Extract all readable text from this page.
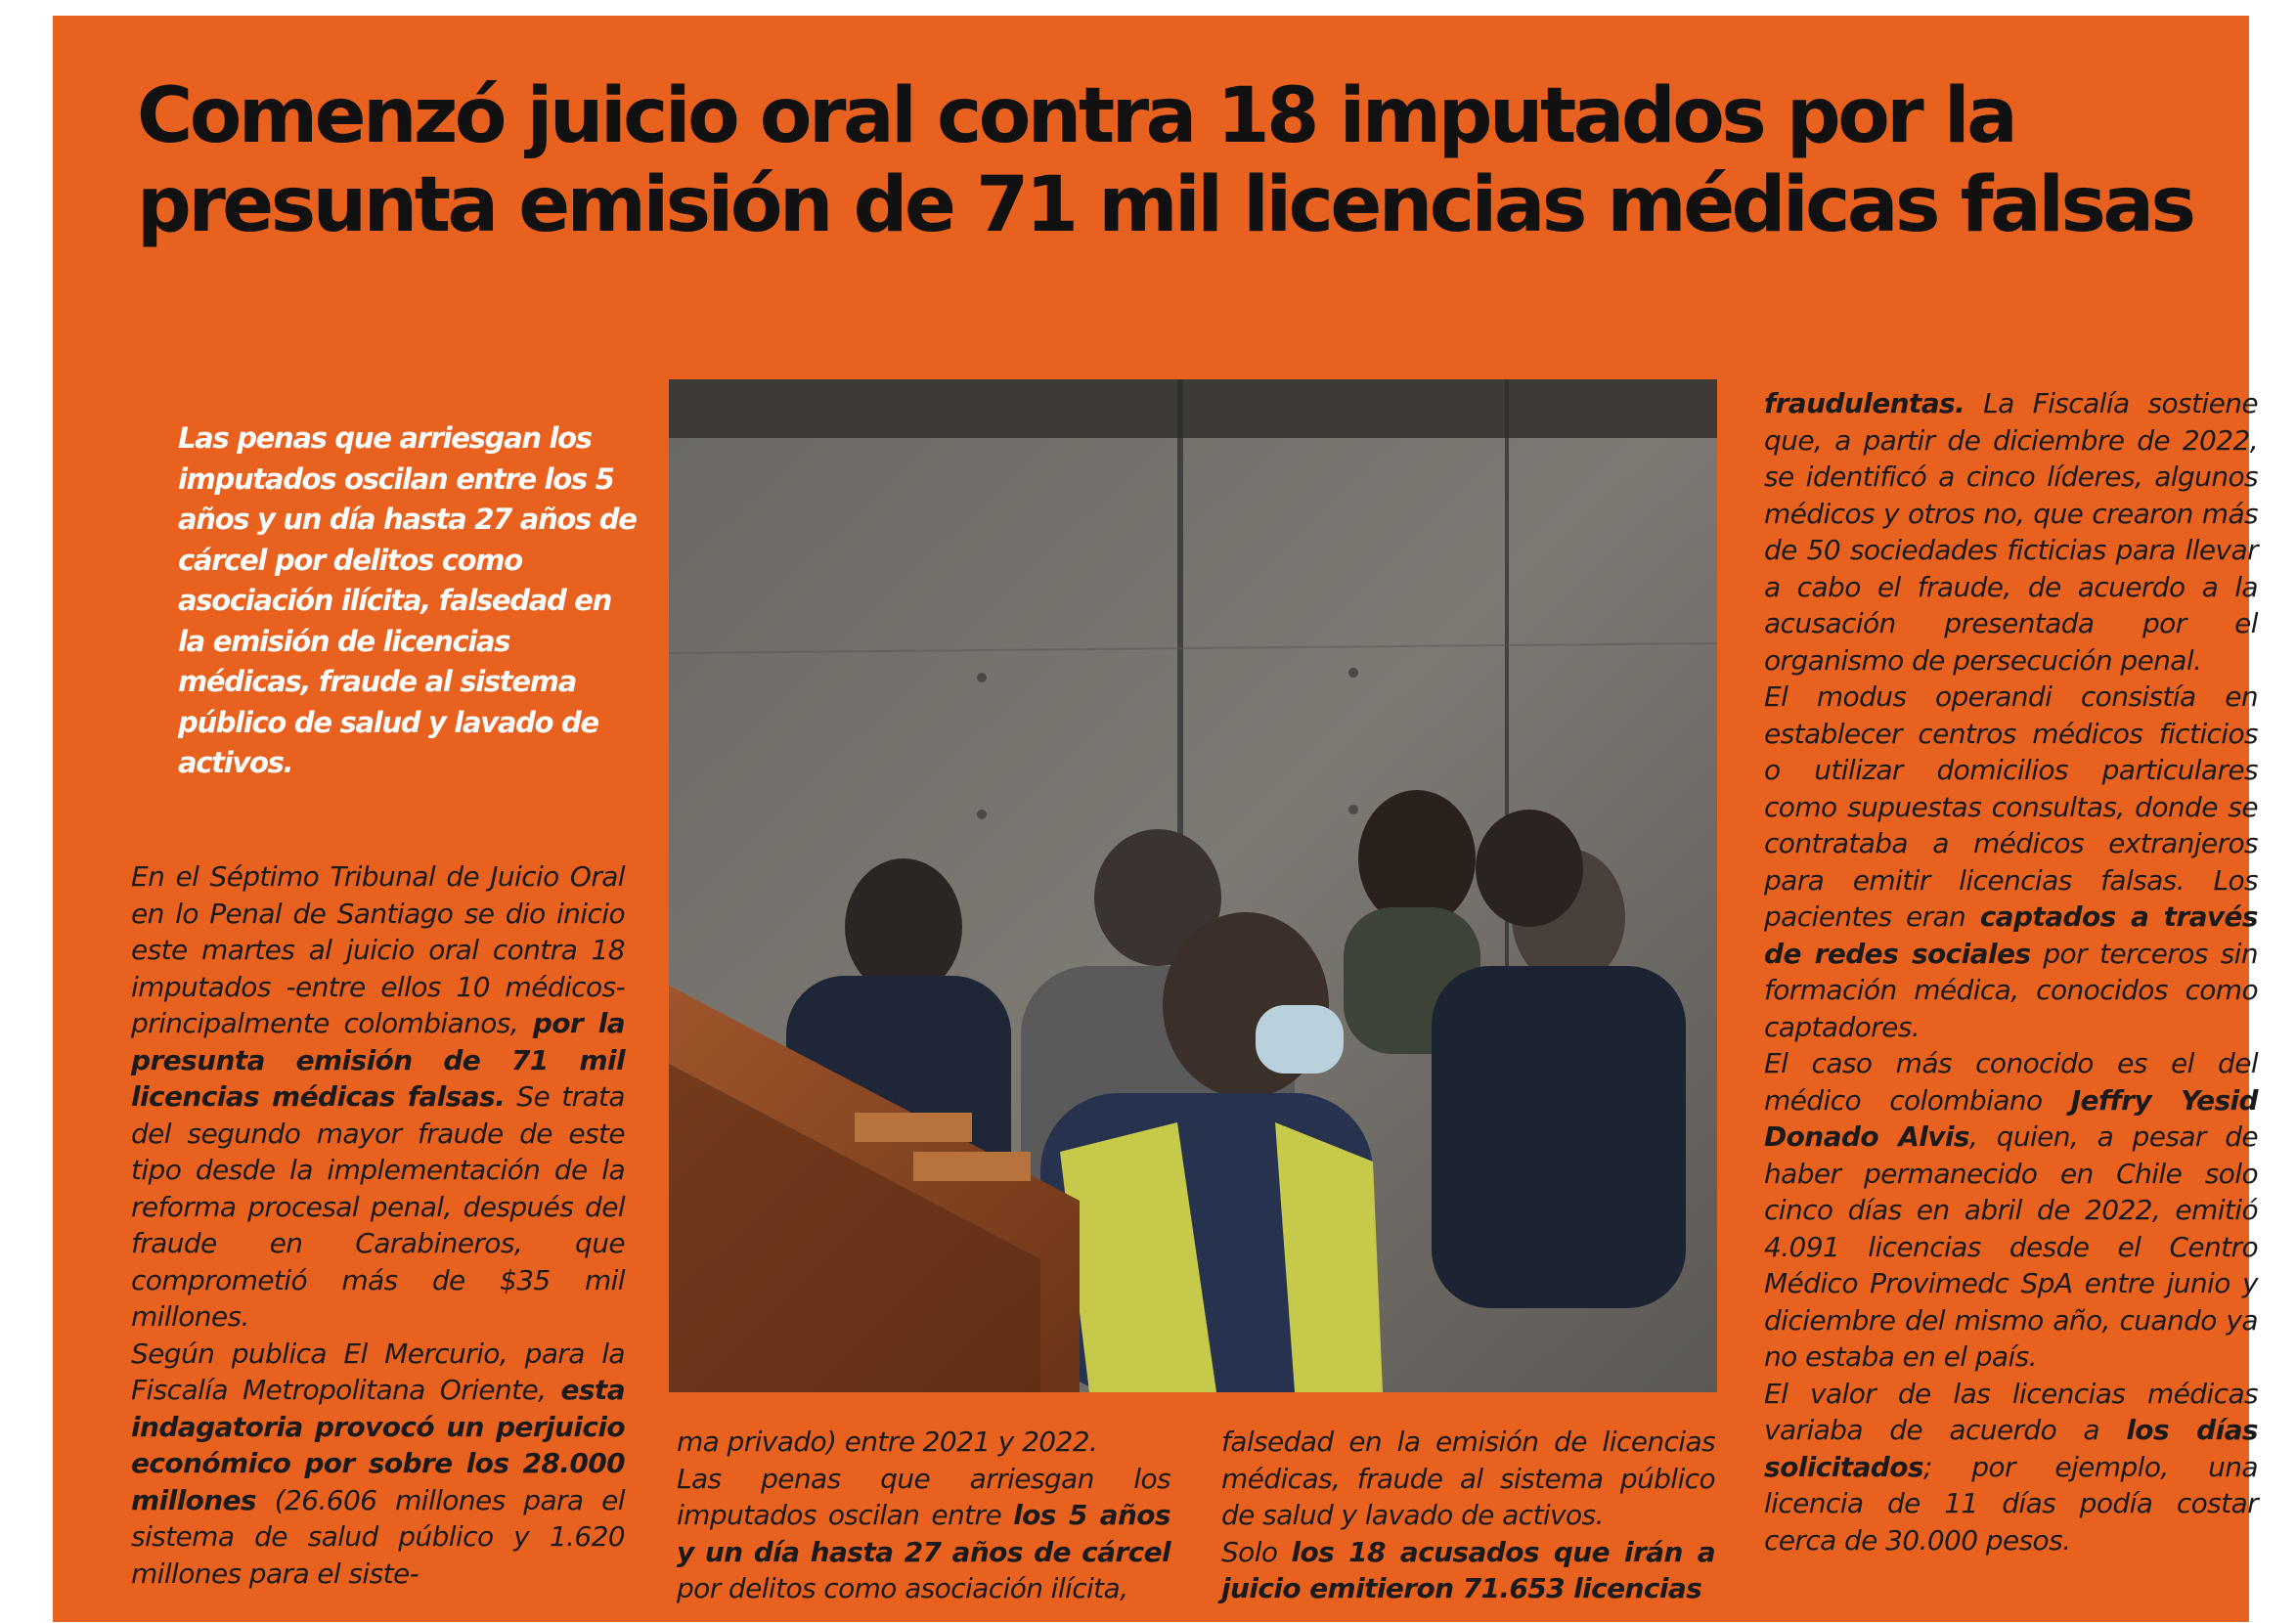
Comenzó juicio oral contra 18 imputados por la presunta emisión de 71 mil licencias médicas falsas

Las penas que arriesgan los imputados oscilan entre los 5 años y un día hasta 27 años de cárcel por delitos como asociación ilícita, falsedad en la emisión de licencias médicas, fraude al sistema público de salud y lavado de activos.

En el Séptimo Tribunal de Juicio Oral en lo Penal de Santiago se dio inicio este martes al juicio oral contra 18 imputados -entre ellos 10 médicos- principalmente colombianos, por la presunta emisión de 71 mil licencias médicas falsas. Se trata del segundo mayor fraude de este tipo desde la implementación de la reforma procesal penal, después del fraude en Carabineros, que comprometió más de $35 mil millones.

Según publica El Mercurio, para la Fiscalía Metropolitana Oriente, esta indagatoria provocó un perjuicio económico por sobre los 28.000 millones (26.606 millones para el sistema de salud público y 1.620 millones para el siste-

ma privado) entre 2021 y 2022.

Las penas que arriesgan los imputados oscilan entre los 5 años y un día hasta 27 años de cárcel por delitos como asociación ilícita,

falsedad en la emisión de licencias médicas, fraude al sistema público de salud y lavado de activos.

Solo los 18 acusados que irán a juicio emitieron 71.653 licencias

fraudulentas. La Fiscalía sostiene que, a partir de diciembre de 2022, se identificó a cinco líderes, algunos médicos y otros no, que crearon más de 50 sociedades ficticias para llevar a cabo el fraude, de acuerdo a la acusación presentada por el organismo de persecución penal.

El modus operandi consistía en establecer centros médicos ficticios o utilizar domicilios particulares como supuestas consultas, donde se contrataba a médicos extranjeros para emitir licencias falsas. Los pacientes eran captados a través de redes sociales por terceros sin formación médica, conocidos como captadores.

El caso más conocido es el del médico colombiano Jeffry Yesid Donado Alvis, quien, a pesar de haber permanecido en Chile solo cinco días en abril de 2022, emitió 4.091 licencias desde el Centro Médico Provimedc SpA entre junio y diciembre del mismo año, cuando ya no estaba en el país.

El valor de las licencias médicas variaba de acuerdo a los días solicitados; por ejemplo, una licencia de 11 días podía costar cerca de 30.000 pesos.
